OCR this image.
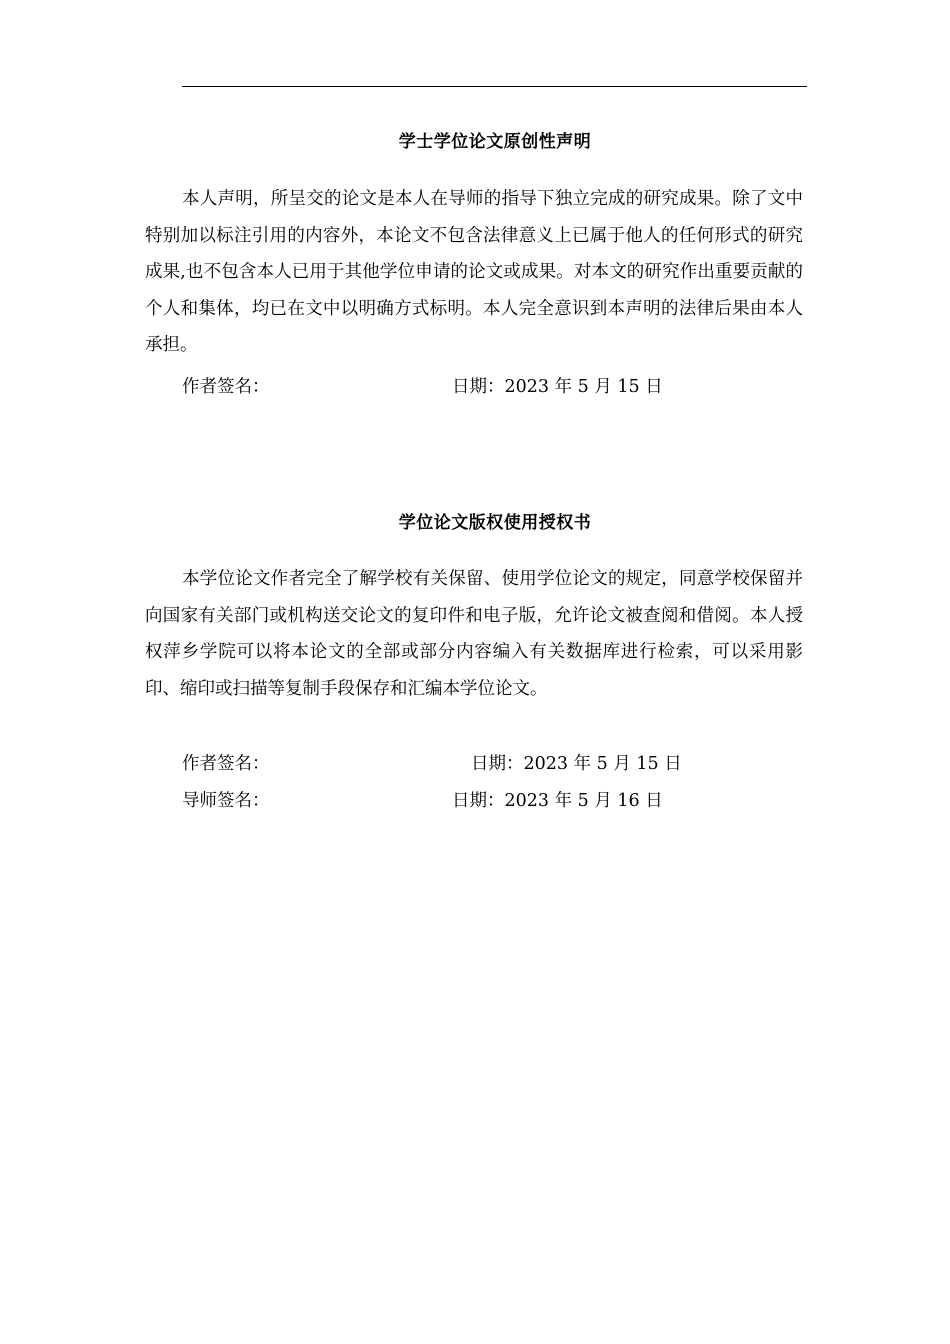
学士学位论文原创性声明

本人声明，所呈交的论文是本人在导师的指导下独立完成的研究成果。除了文中特别加以标注引用的内容外，本论文不包含法律意义上已属于他人的任何形式的研究成果,也不包含本人已用于其他学位申请的论文或成果。对本文的研究作出重要贡献的个人和集体，均已在文中以明确方式标明。本人完全意识到本声明的法律后果由本人承担。

作者签名：	日期：2023 年 5 月 15 日
学位论文版权使用授权书

本学位论文作者完全了解学校有关保留、使用学位论文的规定，同意学校保留并向国家有关部门或机构送交论文的复印件和电子版，允许论文被查阅和借阅。本人授权萍乡学院可以将本论文的全部或部分内容编入有关数据库进行检索，可以采用影印、缩印或扫描等复制手段保存和汇编本学位论文。

作者签名：	日期：2023 年 5 月 15 日
导师签名：	日期：2023 年 5 月 16 日
